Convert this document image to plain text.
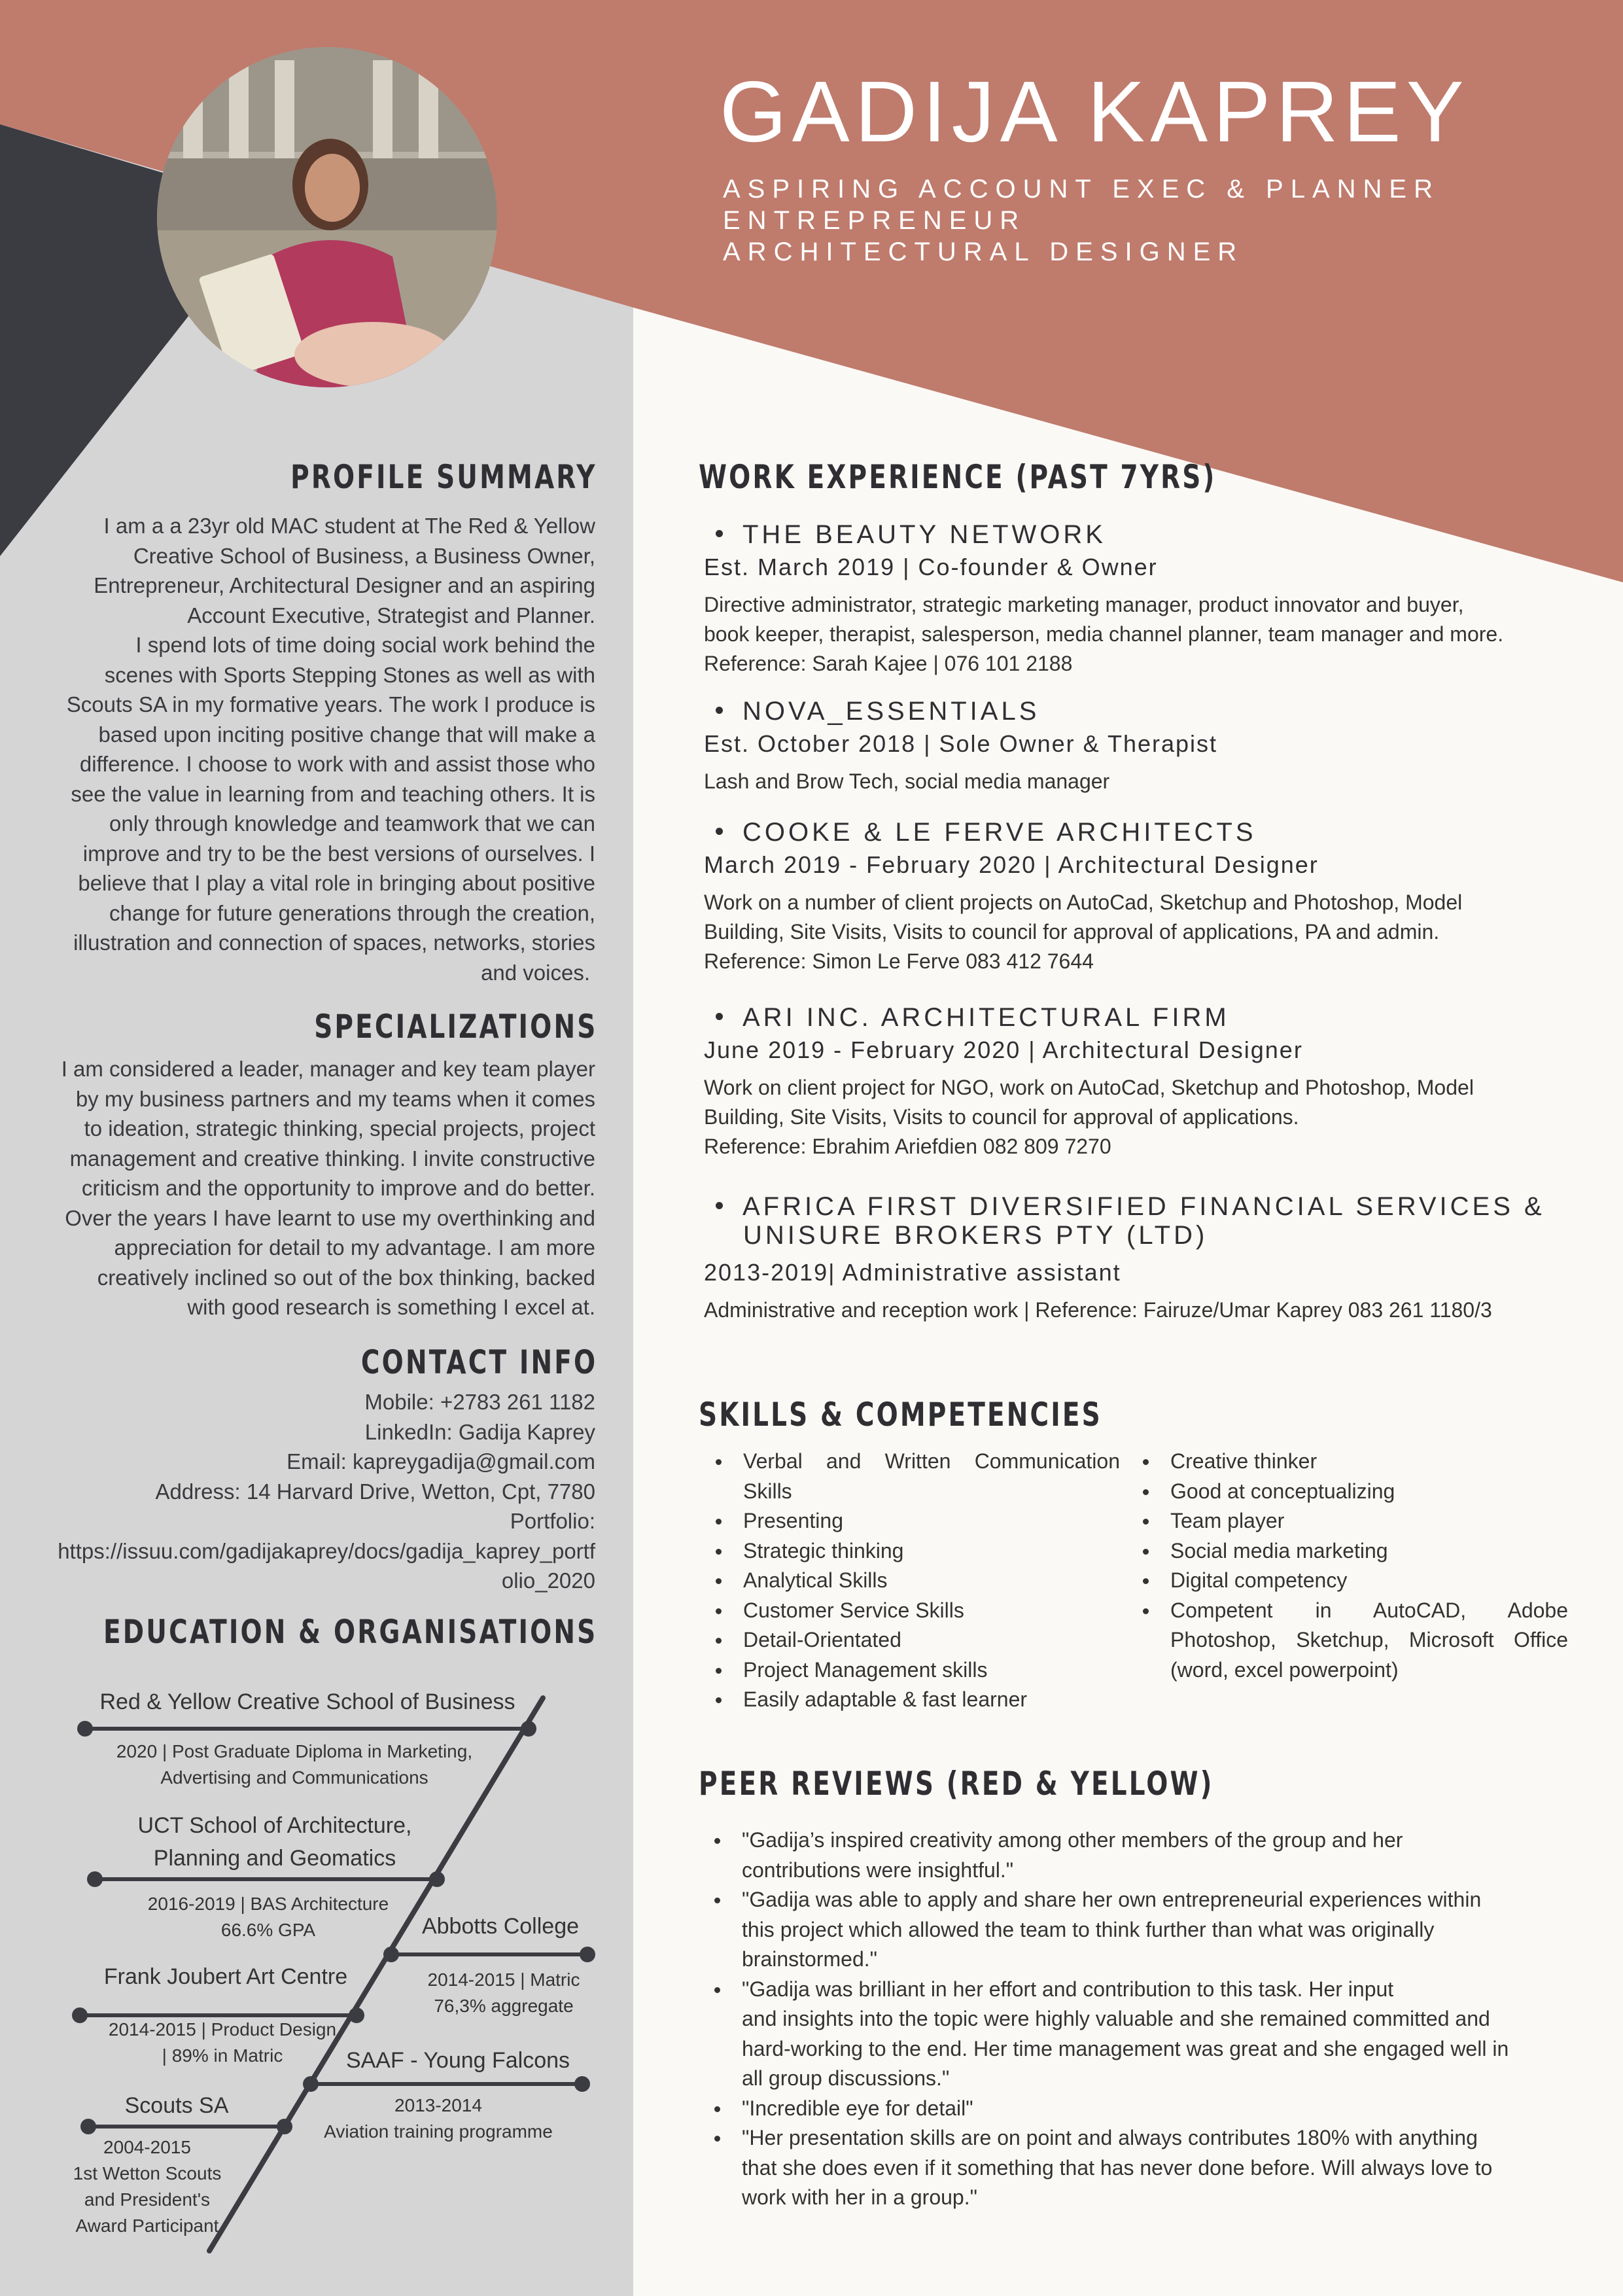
GADIJA KAPREY
ASPIRING ACCOUNT EXEC & PLANNER
ENTREPRENEUR
ARCHITECTURAL DESIGNER
PROFILE SUMMARY

I am a a 23yr old MAC student at The Red & Yellow

Creative School of Business, a Business Owner,

Entrepreneur, Architectural Designer and an aspiring

Account Executive, Strategist and Planner.

I spend lots of time doing social work behind the

scenes with Sports Stepping Stones as well as with

Scouts SA in my formative years. The work I produce is

based upon inciting positive change that will make a

difference. I choose to work with and assist those who

see the value in learning from and teaching others. It is

only through knowledge and teamwork that we can

improve and try to be the best versions of ourselves. I

believe that I play a vital role in bringing about positive

change for future generations through the creation,

illustration and connection of spaces, networks, stories

and voices.

SPECIALIZATIONS

I am considered a leader, manager and key team player

by my business partners and my teams when it comes

to ideation, strategic thinking, special projects, project

management and creative thinking. I invite constructive

criticism and the opportunity to improve and do better.

Over the years I have learnt to use my overthinking and

appreciation for detail to my advantage. I am more

creatively inclined so out of the box thinking, backed

with good research is something I excel at.

CONTACT INFO

Mobile: +2783 261 1182

LinkedIn: Gadija Kaprey

Email: kapreygadija@gmail.com

Address: 14 Harvard Drive, Wetton, Cpt, 7780

Portfolio:

https://issuu.com/gadijakaprey/docs/gadija_kaprey_portf

olio_2020

EDUCATION & ORGANISATIONS
Red & Yellow Creative School of Business
2020 | Post Graduate Diploma in Marketing,
Advertising and Communications
UCT School of Architecture,
Planning and Geomatics
2016-2019 | BAS Architecture
66.6% GPA	Abbotts College
2014-2015 | Matric
76,3% aggregate
Frank Joubert Art Centre
2014-2015 | Product Design
| 89% in Matric	SAAF - Young Falcons
2013-2014
Aviation training programme
Scouts SA
2004-2015
1st Wetton Scouts
and President's
Award Participant
WORK EXPERIENCE (PAST 7YRS)
THE BEAUTY NETWORK
Est. March 2019 | Co-founder & Owner

Directive administrator, strategic marketing manager, product innovator and buyer,

book keeper, therapist, salesperson, media channel planner, team manager and more.

Reference: Sarah Kajee | 076 101 2188

NOVA_ESSENTIALS
Est. October 2018 | Sole Owner & Therapist

Lash and Brow Tech, social media manager

COOKE & LE FERVE ARCHITECTS
March 2019 - February 2020 | Architectural Designer

Work on a number of client projects on AutoCad, Sketchup and Photoshop, Model

Building, Site Visits, Visits to council for approval of applications, PA and admin.

Reference: Simon Le Ferve 083 412 7644

ARI INC. ARCHITECTURAL FIRM
June 2019 - February 2020 | Architectural Designer

Work on client project for NGO, work on AutoCad, Sketchup and Photoshop, Model

Building, Site Visits, Visits to council for approval of applications.

Reference: Ebrahim Ariefdien 082 809 7270

AFRICA FIRST DIVERSIFIED FINANCIAL SERVICES &
UNISURE BROKERS PTY (LTD)
2013-2019| Administrative assistant

Administrative and reception work | Reference: Fairuze/Umar Kaprey 083 261 1180/3

SKILLS & COMPETENCIES
Verbal and Written Communication Skills
Presenting
Strategic thinking
Analytical Skills
Customer Service Skills
Detail-Orientated
Project Management skills
Easily adaptable & fast learner
Creative thinker
Good at conceptualizing
Team player
Social media marketing
Digital competency
Competent in AutoCAD, Adobe Photoshop, Sketchup, Microsoft Office (word, excel powerpoint)
PEER REVIEWS (RED & YELLOW)
"Gadija’s inspired creativity among other members of the group and her
contributions were insightful."
"Gadija was able to apply and share her own entrepreneurial experiences within
this project which allowed the team to think further than what was originally
brainstormed."
"Gadija was brilliant in her effort and contribution to this task. Her input
and insights into the topic were highly valuable and she remained committed and
hard-working to the end. Her time management was great and she engaged well in
all group discussions."
"Incredible eye for detail"
"Her presentation skills are on point and always contributes 180% with anything
that she does even if it something that has never done before. Will always love to
work with her in a group."
